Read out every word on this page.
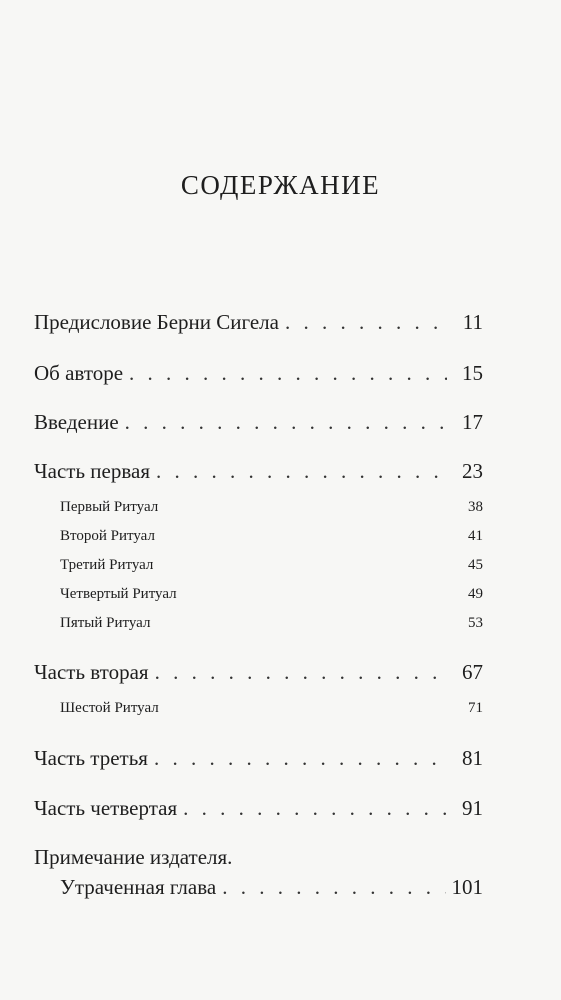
СОДЕРЖАНИЕ
Предисловие Берни Сигела . . .	11
Об авторе . . .	15
Введение . . .	17
Часть первая . . .	23
Первый Ритуал	38
Второй Ритуал	41
Третий Ритуал	45
Четвертый Ритуал	49
Пятый Ритуал	53
Часть вторая . . .	67
Шестой Ритуал	71
Часть третья . . .	81
Часть четвертая . . .	91
Примечание издателя.
Утраченная глава . . .	101
